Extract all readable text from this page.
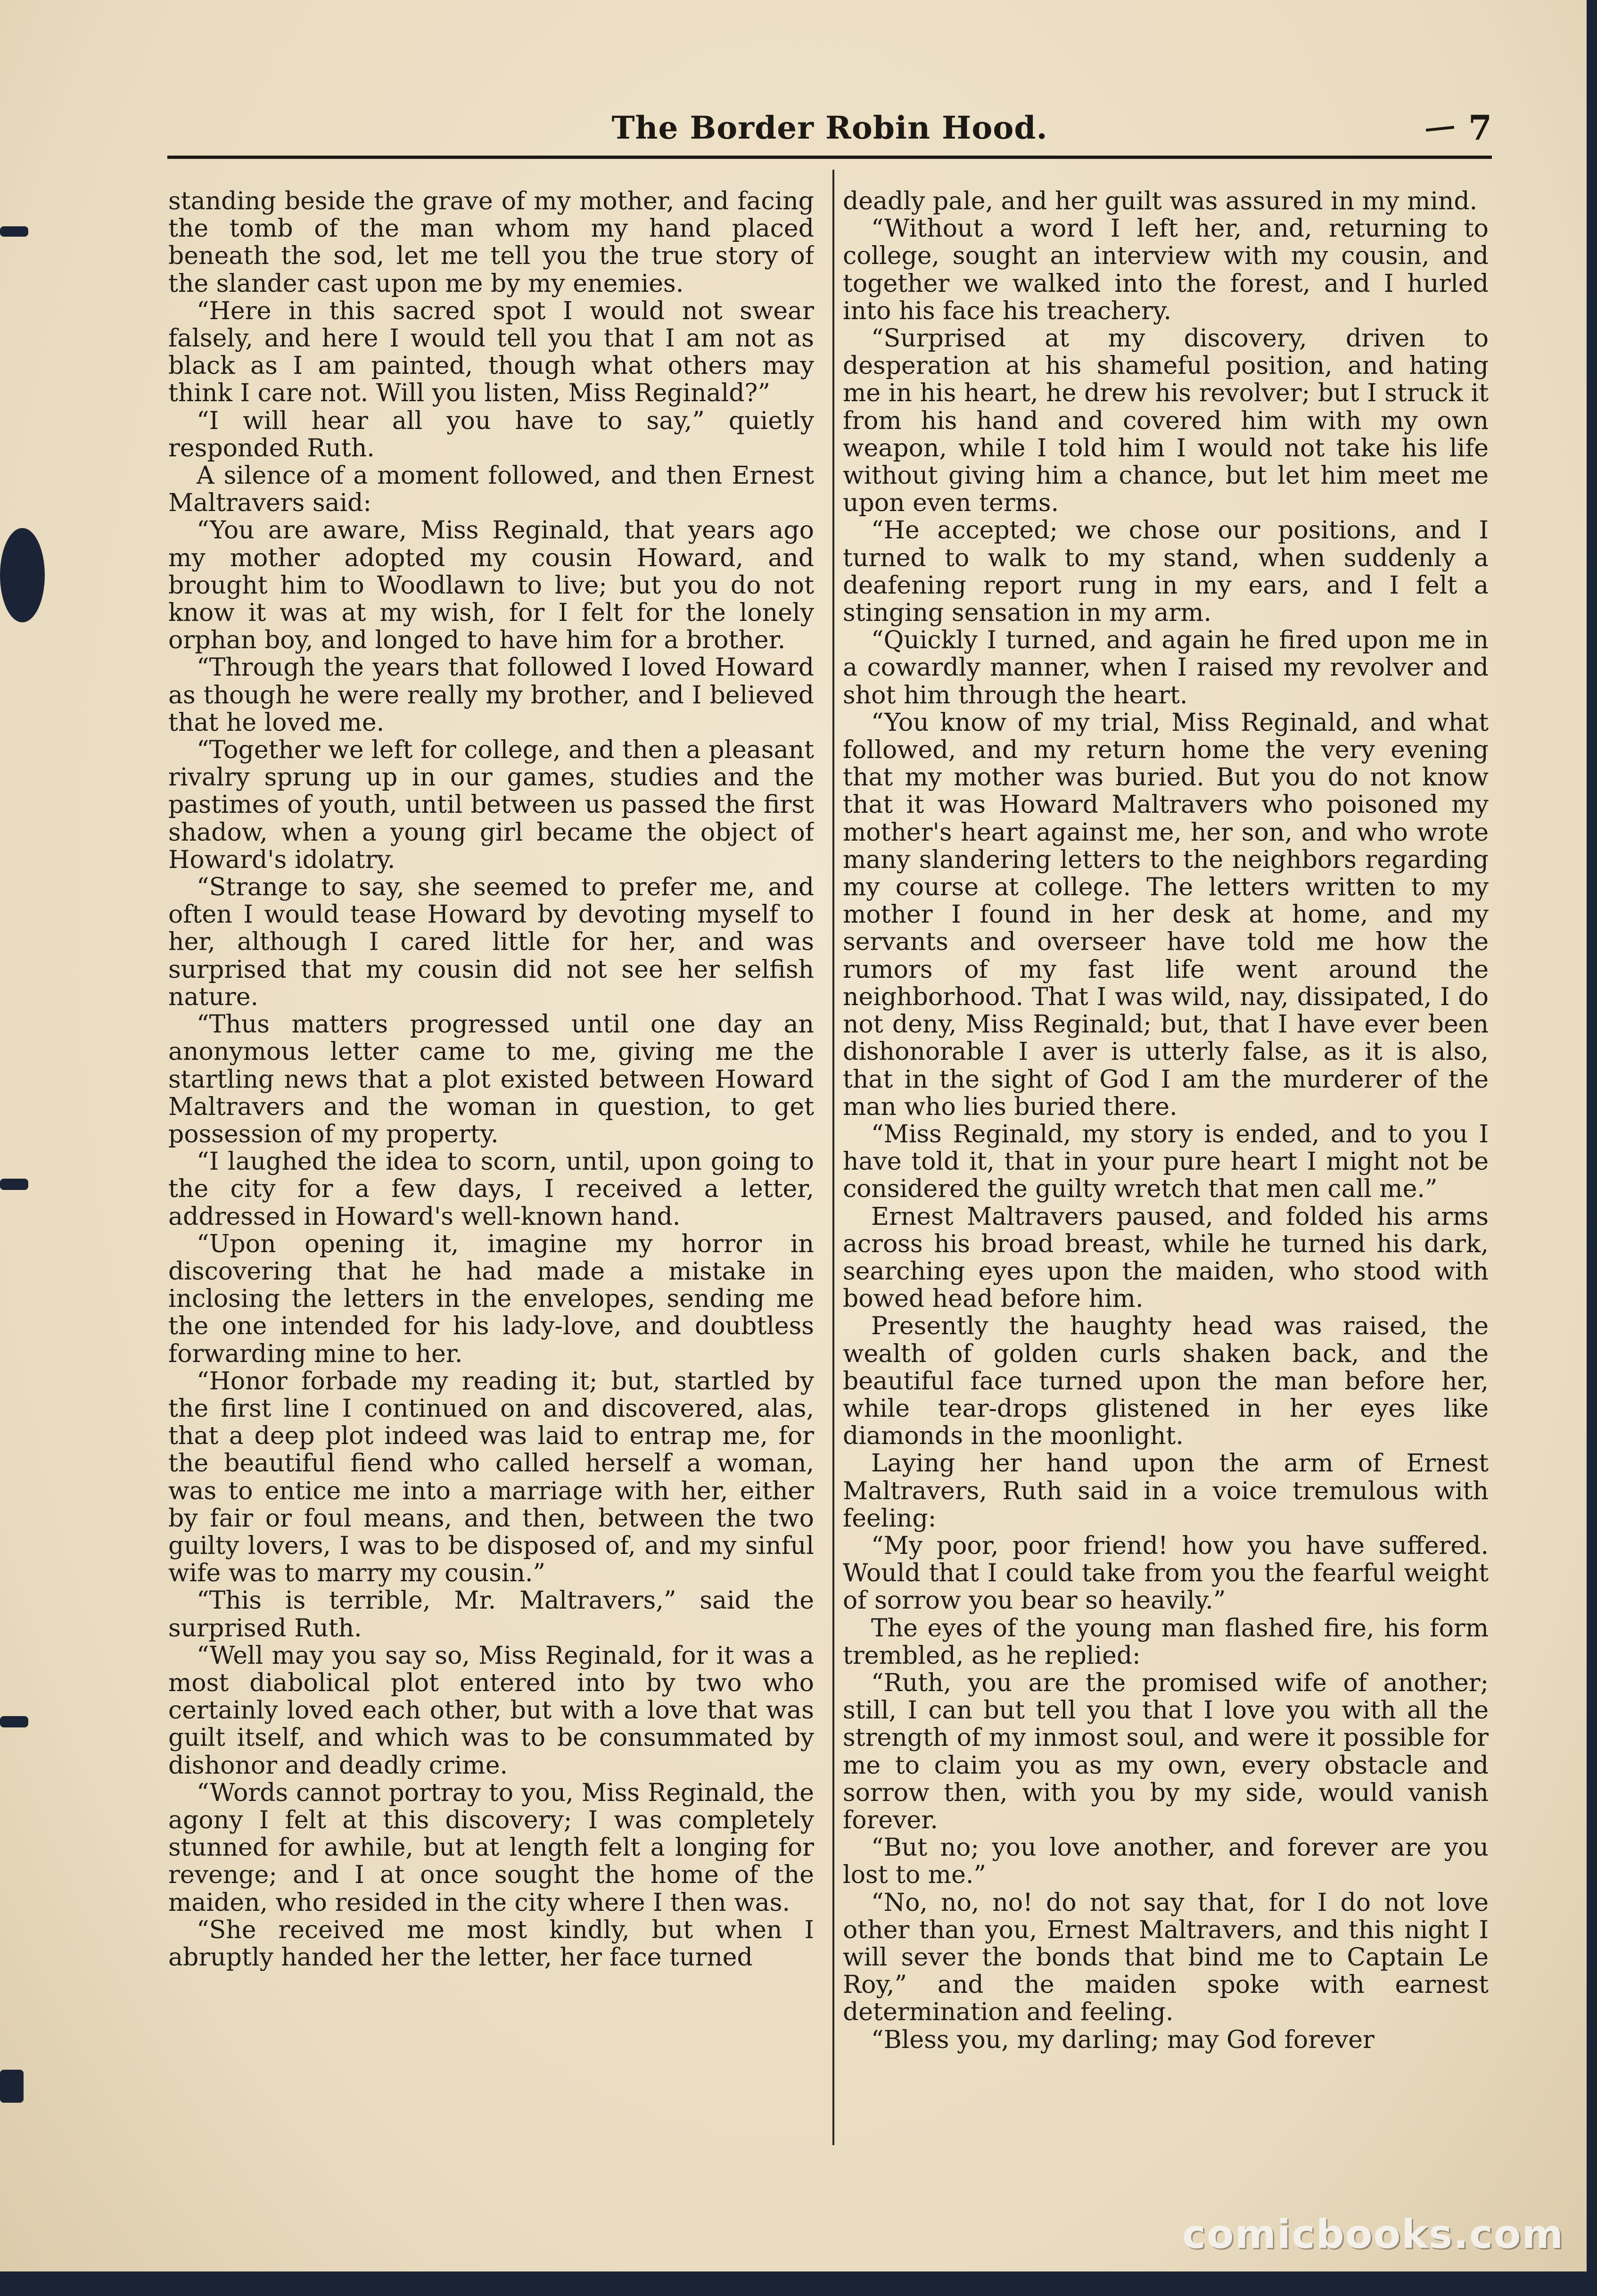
The Border Robin Hood.	7

standing beside the grave of my mother, and facing the tomb of the man whom my hand placed beneath the sod, let me tell you the true story of the slander cast upon me by my enemies.

“Here in this sacred spot I would not swear falsely, and here I would tell you that I am not as black as I am painted, though what others may think I care not. Will you listen, Miss Reginald?”

“I will hear all you have to say,” quietly responded Ruth.

A silence of a moment followed, and then Ernest Maltravers said:

“You are aware, Miss Reginald, that years ago my mother adopted my cousin Howard, and brought him to Woodlawn to live; but you do not know it was at my wish, for I felt for the lonely orphan boy, and longed to have him for a brother.

“Through the years that followed I loved Howard as though he were really my brother, and I believed that he loved me.

“Together we left for college, and then a pleasant rivalry sprung up in our games, studies and the pastimes of youth, until between us passed the first shadow, when a young girl became the object of Howard's idolatry.

“Strange to say, she seemed to prefer me, and often I would tease Howard by devoting myself to her, although I cared little for her, and was surprised that my cousin did not see her selfish nature.

“Thus matters progressed until one day an anonymous letter came to me, giving me the startling news that a plot existed between Howard Maltravers and the woman in question, to get possession of my property.

“I laughed the idea to scorn, until, upon going to the city for a few days, I received a letter, addressed in Howard's well-known hand.

“Upon opening it, imagine my horror in discovering that he had made a mistake in inclosing the letters in the envelopes, sending me the one intended for his lady-love, and doubtless forwarding mine to her.

“Honor forbade my reading it; but, startled by the first line I continued on and discovered, alas, that a deep plot indeed was laid to entrap me, for the beautiful fiend who called herself a woman, was to entice me into a marriage with her, either by fair or foul means, and then, between the two guilty lovers, I was to be disposed of, and my sinful wife was to marry my cousin.”

“This is terrible, Mr. Maltravers,” said the surprised Ruth.

“Well may you say so, Miss Reginald, for it was a most diabolical plot entered into by two who certainly loved each other, but with a love that was guilt itself, and which was to be consummated by dishonor and deadly crime.

“Words cannot portray to you, Miss Reginald, the agony I felt at this discovery; I was completely stunned for awhile, but at length felt a longing for revenge; and I at once sought the home of the maiden, who resided in the city where I then was.

“She received me most kindly, but when I abruptly handed her the letter, her face turned

deadly pale, and her guilt was assured in my mind.

“Without a word I left her, and, returning to college, sought an interview with my cousin, and together we walked into the forest, and I hurled into his face his treachery.

“Surprised at my discovery, driven to desperation at his shameful position, and hating me in his heart, he drew his revolver; but I struck it from his hand and covered him with my own weapon, while I told him I would not take his life without giving him a chance, but let him meet me upon even terms.

“He accepted; we chose our positions, and I turned to walk to my stand, when suddenly a deafening report rung in my ears, and I felt a stinging sensation in my arm.

“Quickly I turned, and again he fired upon me in a cowardly manner, when I raised my revolver and shot him through the heart.

“You know of my trial, Miss Reginald, and what followed, and my return home the very evening that my mother was buried. But you do not know that it was Howard Maltravers who poisoned my mother's heart against me, her son, and who wrote many slandering letters to the neighbors regarding my course at college. The letters written to my mother I found in her desk at home, and my servants and overseer have told me how the rumors of my fast life went around the neighborhood. That I was wild, nay, dissipated, I do not deny, Miss Reginald; but, that I have ever been dishonorable I aver is utterly false, as it is also, that in the sight of God I am the murderer of the man who lies buried there.

“Miss Reginald, my story is ended, and to you I have told it, that in your pure heart I might not be considered the guilty wretch that men call me.”

Ernest Maltravers paused, and folded his arms across his broad breast, while he turned his dark, searching eyes upon the maiden, who stood with bowed head before him.

Presently the haughty head was raised, the wealth of golden curls shaken back, and the beautiful face turned upon the man before her, while tear-drops glistened in her eyes like diamonds in the moonlight.

Laying her hand upon the arm of Ernest Maltravers, Ruth said in a voice tremulous with feeling:

“My poor, poor friend! how you have suffered. Would that I could take from you the fearful weight of sorrow you bear so heavily.”

The eyes of the young man flashed fire, his form trembled, as he replied:

“Ruth, you are the promised wife of another; still, I can but tell you that I love you with all the strength of my inmost soul, and were it possible for me to claim you as my own, every obstacle and sorrow then, with you by my side, would vanish forever.

“But no; you love another, and forever are you lost to me.”

“No, no, no! do not say that, for I do not love other than you, Ernest Maltravers, and this night I will sever the bonds that bind me to Captain Le Roy,” and the maiden spoke with earnest determination and feeling.

“Bless you, my darling; may God forever

comicbooks.com
